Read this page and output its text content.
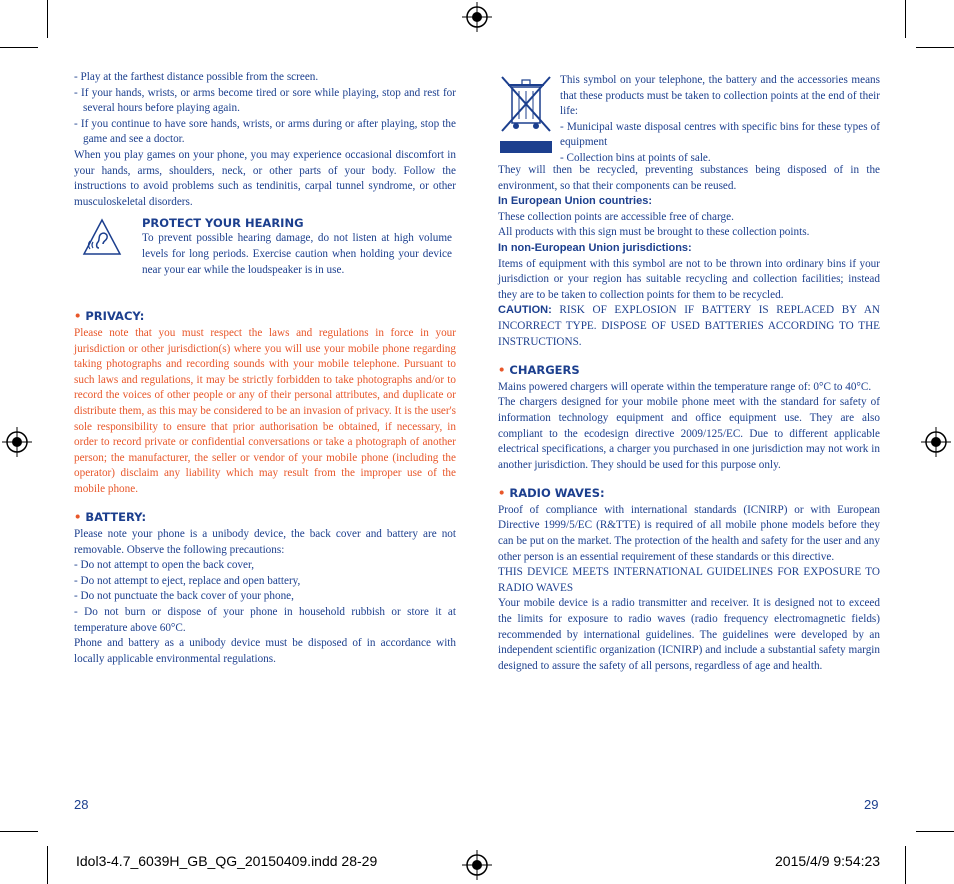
- Play at the farthest distance possible from the screen.

- If your hands, wrists, or arms become tired or sore while playing, stop and rest for several hours before playing again.

- If you continue to have sore hands, wrists, or arms during or after playing, stop the game and see a doctor.

When you play games on your phone, you may experience occasional discomfort in your hands, arms, shoulders, neck, or other parts of your body. Follow the instructions to avoid problems such as tendinitis, carpal tunnel syndrome, or other musculoskeletal disorders.

PROTECT YOUR HEARING

To prevent possible hearing damage, do not listen at high volume levels for long periods. Exercise caution when holding your device near your ear while the loudspeaker is in use.

• PRIVACY:

Please note that you must respect the laws and regulations in force in your jurisdiction or other jurisdiction(s) where you will use your mobile phone regarding taking photographs and recording sounds with your mobile telephone. Pursuant to such laws and regulations, it may be strictly forbidden to take photographs and/or to record the voices of other people or any of their personal attributes, and duplicate or distribute them, as this may be considered to be an invasion of privacy. It is the user's sole responsibility to ensure that prior authorisation be obtained, if necessary, in order to record private or confidential conversations or take a photograph of another person; the manufacturer, the seller or vendor of your mobile phone (including the operator) disclaim any liability which may result from the improper use of the mobile phone.

• BATTERY:

Please note your phone is a unibody device, the back cover and battery are not removable. Observe the following precautions:

- Do not attempt to open the back cover,

- Do not attempt to eject, replace and open battery,

- Do not punctuate the back cover of your phone,

- Do not burn or dispose of your phone in household rubbish or store it at temperature above 60°C.

Phone and battery as a unibody device must be disposed of in accordance with locally applicable environmental regulations.

This symbol on your telephone, the battery and the accessories means that these products must be taken to collection points at the end of their life:

- Municipal waste disposal centres with specific bins for these types of equipment

- Collection bins at points of sale.

They will then be recycled, preventing substances being disposed of in the environment, so that their components can be reused.

In European Union countries:

These collection points are accessible free of charge.

All products with this sign must be brought to these collection points.

In non-European Union jurisdictions:

Items of equipment with this symbol are not to be thrown into ordinary bins if your jurisdiction or your region has suitable recycling and collection facilities; instead they are to be taken to collection points for them to be recycled.

CAUTION: RISK OF EXPLOSION IF BATTERY IS REPLACED BY AN INCORRECT TYPE. DISPOSE OF USED BATTERIES ACCORDING TO THE INSTRUCTIONS.

• CHARGERS

Mains powered chargers will operate within the temperature range of: 0°C to 40°C.

The chargers designed for your mobile phone meet with the standard for safety of information technology equipment and office equipment use. They are also compliant to the ecodesign directive 2009/125/EC. Due to different applicable electrical specifications, a charger you purchased in one jurisdiction may not work in another jurisdiction. They should be used for this purpose only.

• RADIO WAVES:

Proof of compliance with international standards (ICNIRP) or with European Directive 1999/5/EC (R&TTE) is required of all mobile phone models before they can be put on the market. The protection of the health and safety for the user and any other person is an essential requirement of these standards or this directive.

THIS DEVICE MEETS INTERNATIONAL GUIDELINES FOR EXPOSURE TO RADIO WAVES

Your mobile device is a radio transmitter and receiver. It is designed not to exceed the limits for exposure to radio waves (radio frequency electromagnetic fields) recommended by international guidelines. The guidelines were developed by an independent scientific organization (ICNIRP) and include a substantial safety margin designed to assure the safety of all persons, regardless of age and health.

28	29
Idol3-4.7_6039H_GB_QG_20150409.indd 28-29	2015/4/9 9:54:23
